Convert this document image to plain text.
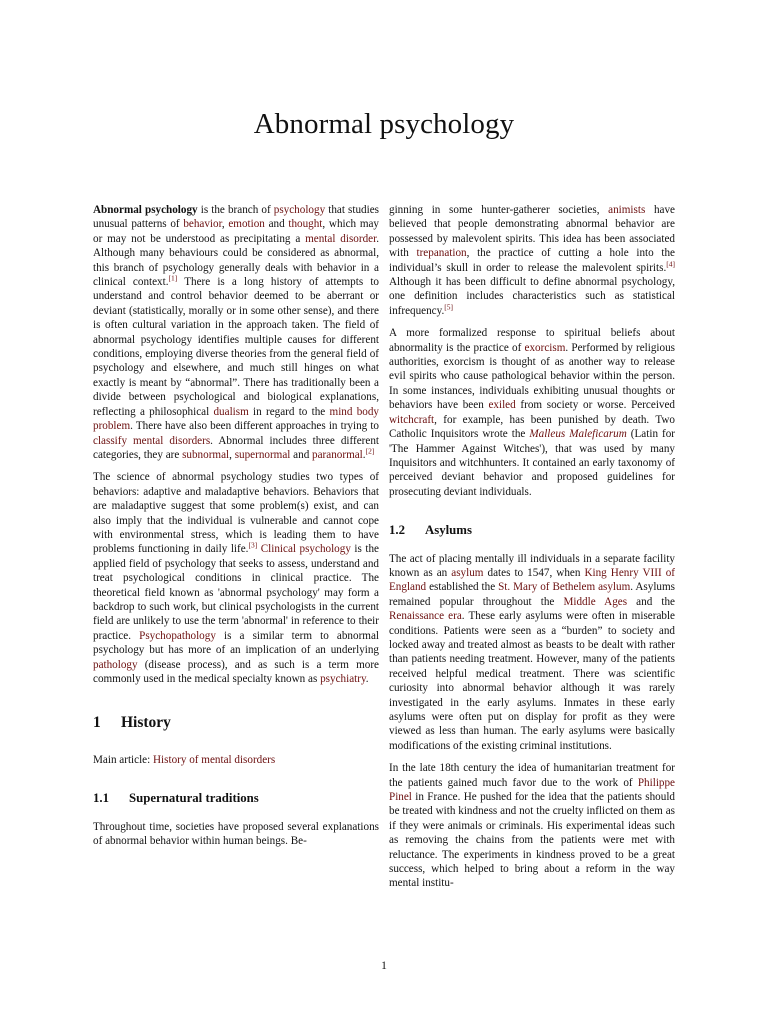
Abnormal psychology

Abnormal psychology is the branch of psychology that studies unusual patterns of behavior, emotion and thought, which may or may not be understood as precipitating a mental disorder. Although many behaviours could be considered as abnormal, this branch of psychology generally deals with behavior in a clinical context.[1] There is a long history of attempts to understand and control behavior deemed to be aberrant or deviant (statistically, morally or in some other sense), and there is often cultural variation in the approach taken. The field of abnormal psychology identifies multiple causes for different conditions, employing diverse theories from the general field of psychology and elsewhere, and much still hinges on what exactly is meant by “abnormal”. There has traditionally been a divide between psychological and biological explanations, reflecting a philosophical dualism in regard to the mind body problem. There have also been different approaches in trying to classify mental disorders. Abnormal includes three different categories, they are subnormal, supernormal and paranormal.[2]

The science of abnormal psychology studies two types of behaviors: adaptive and maladaptive behaviors. Behaviors that are maladaptive suggest that some problem(s) exist, and can also imply that the individual is vulnerable and cannot cope with environmental stress, which is leading them to have problems functioning in daily life.[3] Clinical psychology is the applied field of psychology that seeks to assess, understand and treat psychological conditions in clinical practice. The theoretical field known as 'abnormal psychology' may form a backdrop to such work, but clinical psychologists in the current field are unlikely to use the term 'abnormal' in reference to their practice. Psychopathology is a similar term to abnormal psychology but has more of an implication of an underlying pathology (disease process), and as such is a term more commonly used in the medical specialty known as psychiatry.

1 History
Main article: History of mental disorders
1.1 Supernatural traditions

Throughout time, societies have proposed several explanations of abnormal behavior within human beings. Be-

ginning in some hunter-gatherer societies, animists have believed that people demonstrating abnormal behavior are possessed by malevolent spirits. This idea has been associated with trepanation, the practice of cutting a hole into the individual’s skull in order to release the malevolent spirits.[4] Although it has been difficult to define abnormal psychology, one definition includes characteristics such as statistical infrequency.[5]

A more formalized response to spiritual beliefs about abnormality is the practice of exorcism. Performed by religious authorities, exorcism is thought of as another way to release evil spirits who cause pathological behavior within the person. In some instances, individuals exhibiting unusual thoughts or behaviors have been exiled from society or worse. Perceived witchcraft, for example, has been punished by death. Two Catholic Inquisitors wrote the Malleus Maleficarum (Latin for 'The Hammer Against Witches'), that was used by many Inquisitors and witchhunters. It contained an early taxonomy of perceived deviant behavior and proposed guidelines for prosecuting deviant individuals.

1.2 Asylums

The act of placing mentally ill individuals in a separate facility known as an asylum dates to 1547, when King Henry VIII of England established the St. Mary of Bethelem asylum. Asylums remained popular throughout the Middle Ages and the Renaissance era. These early asylums were often in miserable conditions. Patients were seen as a “burden” to society and locked away and treated almost as beasts to be dealt with rather than patients needing treatment. However, many of the patients received helpful medical treatment. There was scientific curiosity into abnormal behavior although it was rarely investigated in the early asylums. Inmates in these early asylums were often put on display for profit as they were viewed as less than human. The early asylums were basically modifications of the existing criminal institutions.

In the late 18th century the idea of humanitarian treatment for the patients gained much favor due to the work of Philippe Pinel in France. He pushed for the idea that the patients should be treated with kindness and not the cruelty inflicted on them as if they were animals or criminals. His experimental ideas such as removing the chains from the patients were met with reluctance. The experiments in kindness proved to be a great success, which helped to bring about a reform in the way mental institu-

1
